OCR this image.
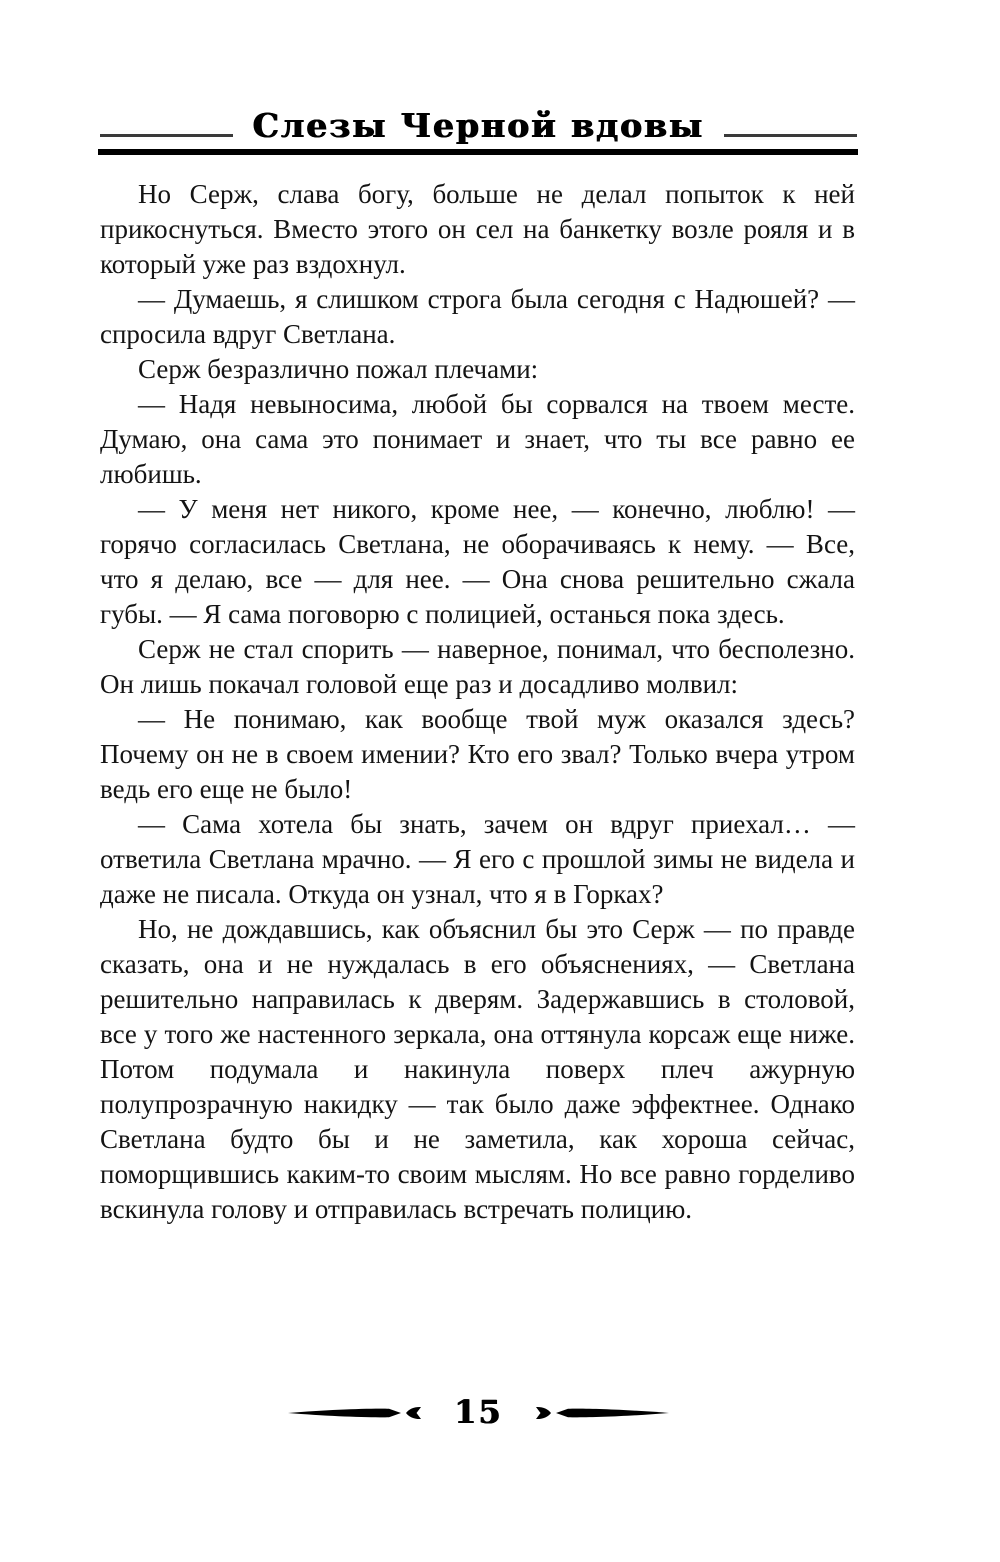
Слезы Черной вдовы

Но Серж, слава богу, больше не делал попыток к ней прикоснуться. Вместо этого он сел на банкетку возле рояля и в который уже раз вздохнул.

— Думаешь, я слишком строга была сегодня с Надюшей? — спросила вдруг Светлана.

Серж безразлично пожал плечами:

— Надя невыносима, любой бы сорвался на твоем месте. Думаю, она сама это понимает и знает, что ты все равно ее любишь.

— У меня нет никого, кроме нее, — конечно, люблю! — горячо согласилась Светлана, не оборачиваясь к нему. — Все, что я делаю, все — для нее. — Она снова решительно сжала губы. — Я сама поговорю с полицией, останься пока здесь.

Серж не стал спорить — наверное, понимал, что бесполезно. Он лишь покачал головой еще раз и досадливо молвил:

— Не понимаю, как вообще твой муж оказался здесь? Почему он не в своем имении? Кто его звал? Только вчера утром ведь его еще не было!

— Сама хотела бы знать, зачем он вдруг приехал… — ответила Светлана мрачно. — Я его с прошлой зимы не видела и даже не писала. Откуда он узнал, что я в Горках?

Но, не дождавшись, как объяснил бы это Серж — по правде сказать, она и не нуждалась в его объяснениях, — Светлана решительно направилась к дверям. Задержавшись в столовой, все у того же настенного зеркала, она оттянула корсаж еще ниже. Потом подумала и накинула поверх плеч ажурную полупрозрачную накидку — так было даже эффектнее. Однако Светлана будто бы и не заметила, как хороша сейчас, поморщившись каким-то своим мыслям. Но все равно горделиво вскинула голову и отправилась встречать полицию.

15
